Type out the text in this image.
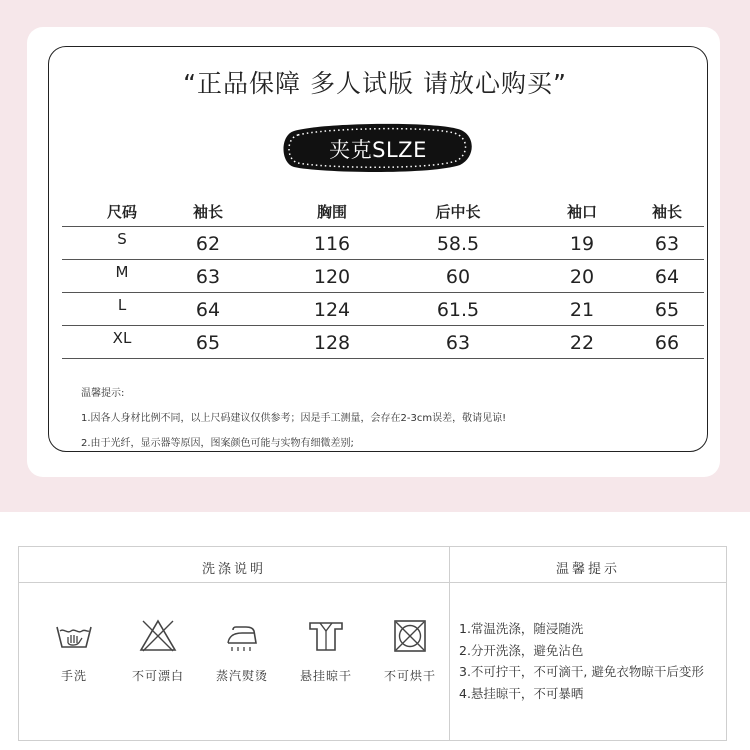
“正品保障 多人试版 请放心购买”
夹克SLZE
尺码	袖长	胸围	后中长	袖口	袖长
S	62	116	58.5	19	63
M	63	120	60	20	64
L	64	124	61.5	21	65
XL	65	128	63	22	66
温馨提示:
1.因各人身材比例不同，以上尺码建议仅供参考；因是手工测量，会存在2-3cm误差，敬请见谅!
2.由于光纤，显示器等原因，图案颜色可能与实物有细微差别;
洗涤说明	温馨提示
手洗	不可漂白	蒸汽熨烫	悬挂晾干	不可烘干
1.常温洗涤，随浸随洗
2.分开洗涤，避免沾色
3.不可拧干，不可滴干, 避免衣物晾干后变形
4.悬挂晾干，不可暴晒
